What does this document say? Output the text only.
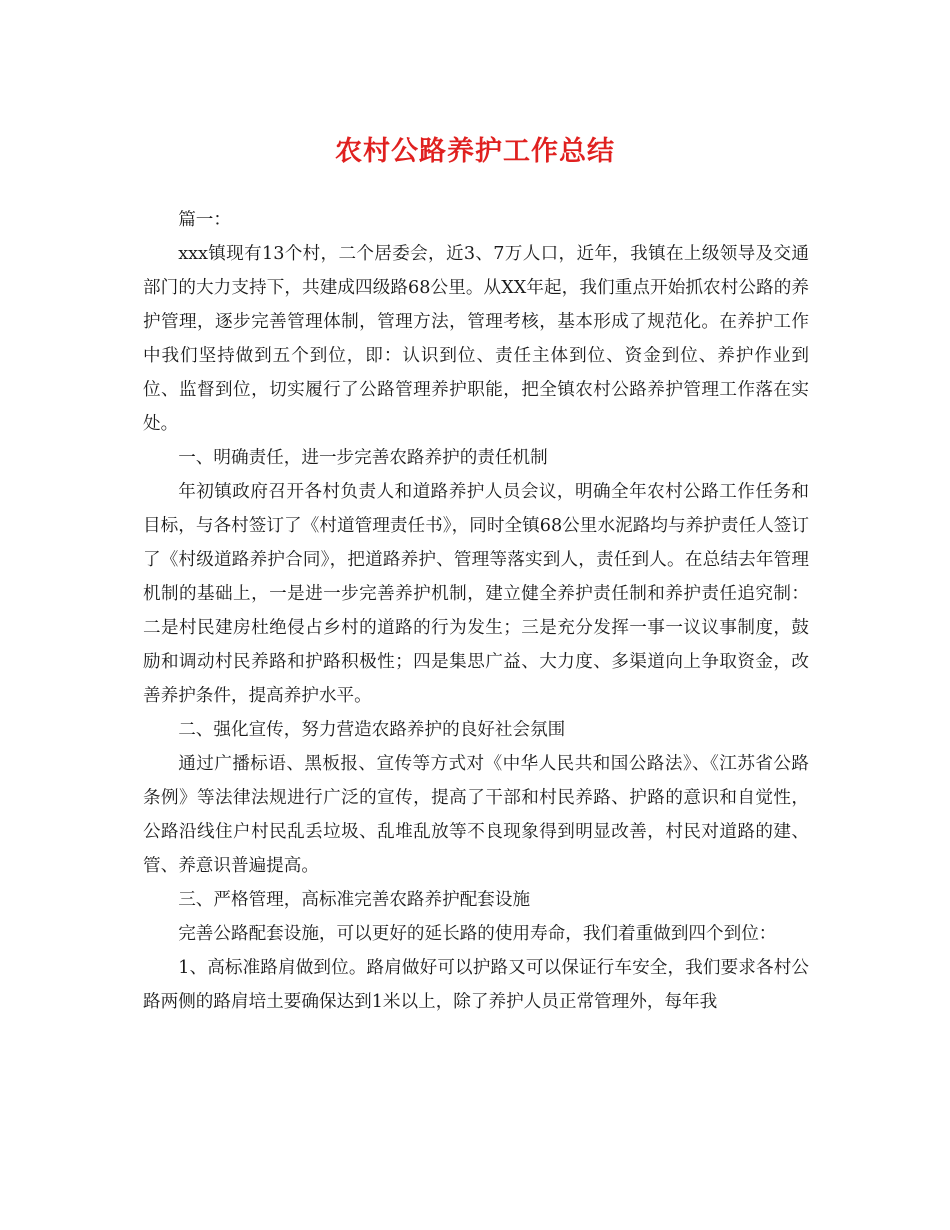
农村公路养护工作总结

篇一：

xxx镇现有13个村，二个居委会，近3、7万人口，近年，我镇在上级领导及交通部门的大力支持下，共建成四级路68公里。从XX年起，我们重点开始抓农村公路的养护管理，逐步完善管理体制，管理方法，管理考核，基本形成了规范化。在养护工作中我们坚持做到五个到位，即：认识到位、责任主体到位、资金到位、养护作业到位、监督到位，切实履行了公路管理养护职能，把全镇农村公路养护管理工作落在实处。

一、明确责任，进一步完善农路养护的责任机制

年初镇政府召开各村负责人和道路养护人员会议，明确全年农村公路工作任务和目标，与各村签订了《村道管理责任书》，同时全镇68公里水泥路均与养护责任人签订了《村级道路养护合同》，把道路养护、管理等落实到人，责任到人。在总结去年管理机制的基础上，一是进一步完善养护机制，建立健全养护责任制和养护责任追究制：二是村民建房杜绝侵占乡村的道路的行为发生；三是充分发挥一事一议议事制度，鼓励和调动村民养路和护路积极性；四是集思广益、大力度、多渠道向上争取资金，改善养护条件，提高养护水平。

二、强化宣传，努力营造农路养护的良好社会氛围

通过广播标语、黑板报、宣传等方式对《中华人民共和国公路法》、《江苏省公路条例》等法律法规进行广泛的宣传，提高了干部和村民养路、护路的意识和自觉性，公路沿线住户村民乱丢垃圾、乱堆乱放等不良现象得到明显改善，村民对道路的建、管、养意识普遍提高。

三、严格管理，高标准完善农路养护配套设施

完善公路配套设施，可以更好的延长路的使用寿命，我们着重做到四个到位：

1、高标准路肩做到位。路肩做好可以护路又可以保证行车安全，我们要求各村公路两侧的路肩培土要确保达到1米以上，除了养护人员正常管理外，每年我
